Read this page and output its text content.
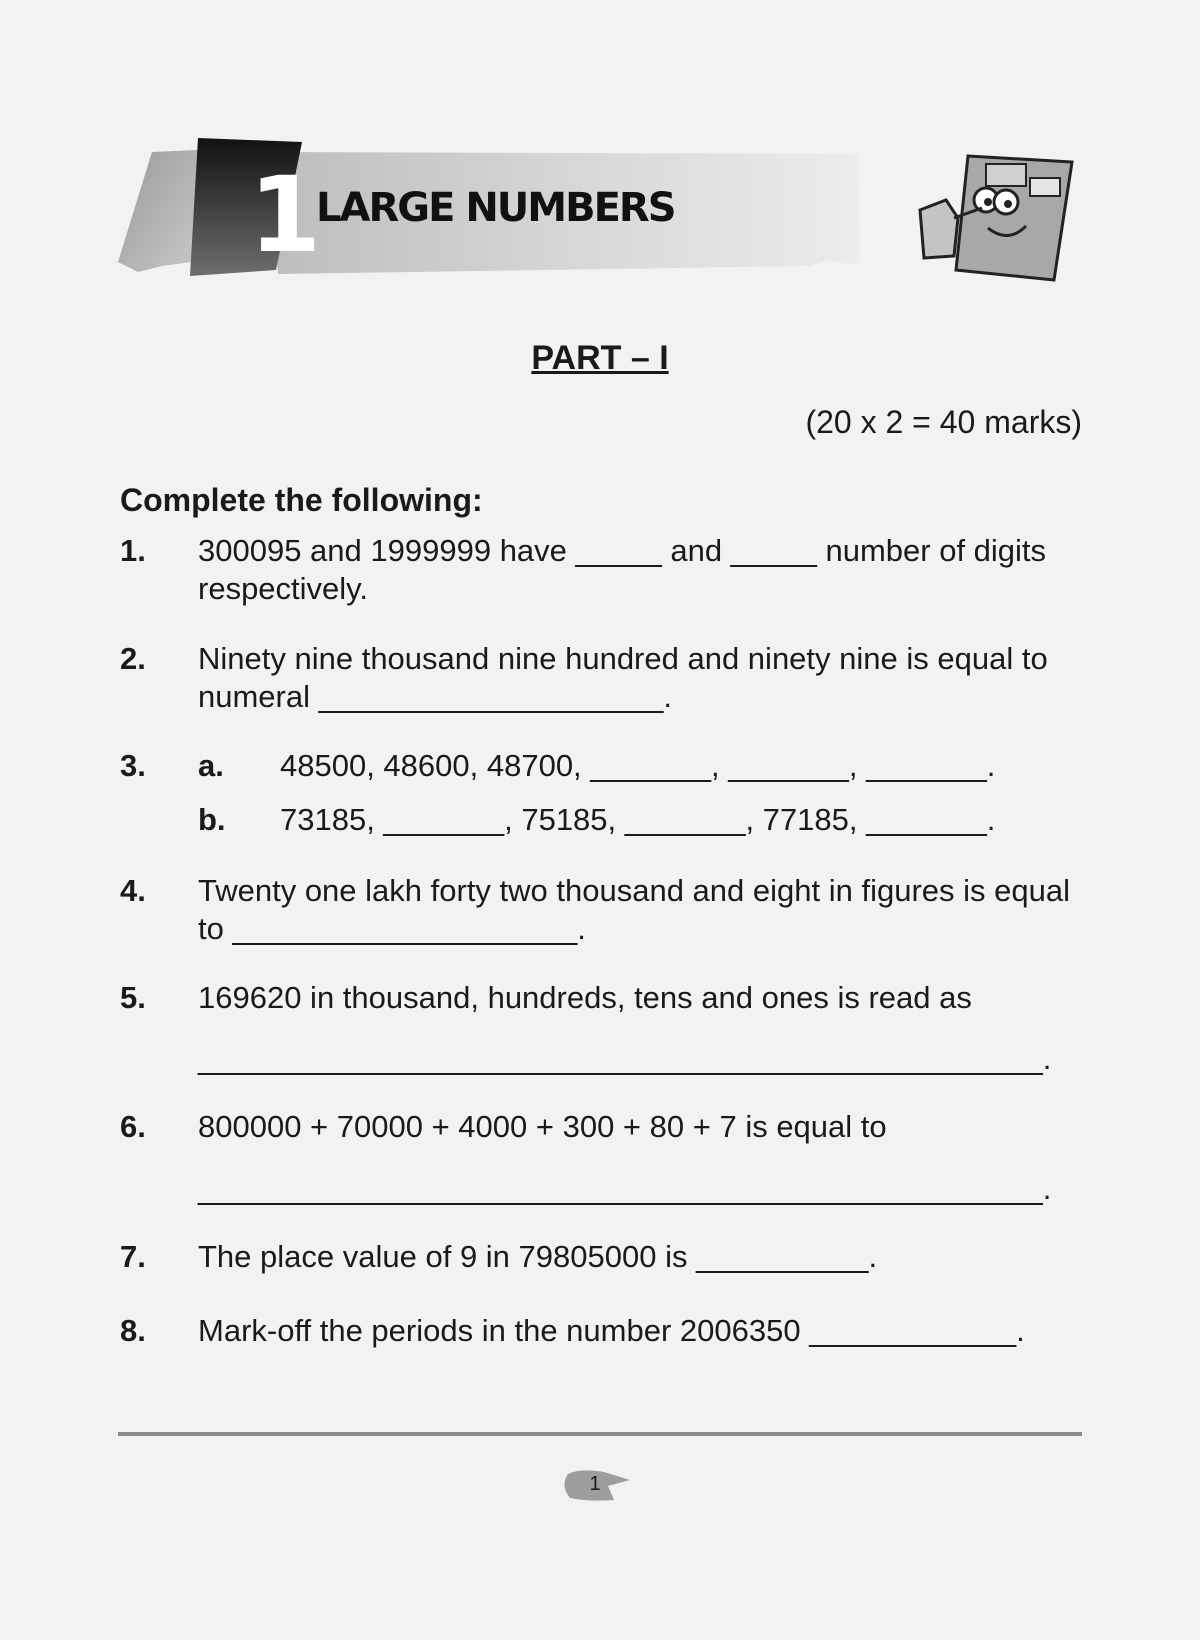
1
LARGE NUMBERS
PART – I
(20 x 2 = 40 marks)
Complete the following:
1. 300095 and 1999999 have _____ and _____ number of digits respectively.
2. Ninety nine thousand nine hundred and ninety nine is equal to numeral ____________________.
3. a. 48500, 48600, 48700, _______, _______, _______.
b. 73185, _______, 75185, _______, 77185, _______.
4. Twenty one lakh forty two thousand and eight in figures is equal to ____________________.
5. 169620 in thousand, hundreds, tens and ones is read as
_________________________________________________.
6. 800000 + 70000 + 4000 + 300 + 80 + 7 is equal to
_________________________________________________.
7. The place value of 9 in 79805000 is __________.
8. Mark-off the periods in the number 2006350 ____________.
1
